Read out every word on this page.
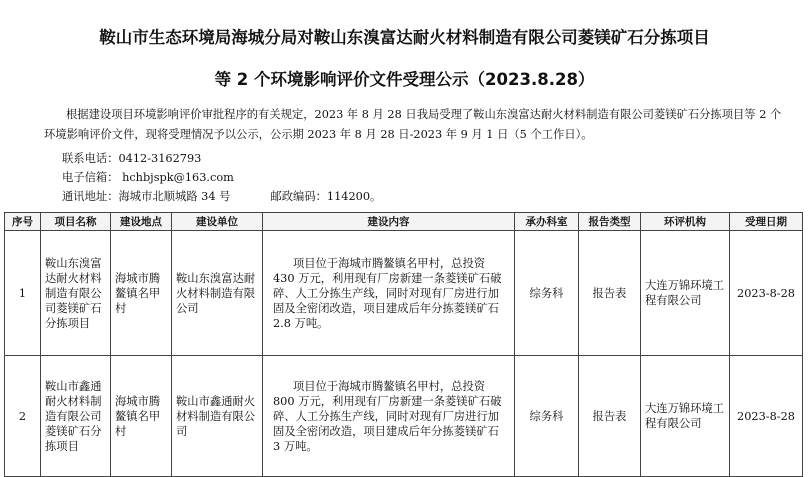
鞍山市生态环境局海城分局对鞍山东溴富达耐火材料制造有限公司菱镁矿石分拣项目
等 2 个环境影响评价文件受理公示（2023.8.28）
根据建设项目环境影响评价审批程序的有关规定，2023 年 8 月 28 日我局受理了鞍山东溴富达耐火材料制造有限公司菱镁矿石分拣项目等 2 个环境影响评价文件，现将受理情况予以公示，公示期 2023 年 8 月 28 日-2023 年 9 月 1 日（5 个工作日）。
联系电话：0412-3162793
电子信箱： hchbjspk@163.com
通讯地址：海城市北顺城路 34 号	邮政编码：114200。
序号	项目名称	建设地点	建设单位	建设内容	承办科室	报告类型	环评机构	受理日期
1	鞍山东溴富达耐火材料制造有限公司菱镁矿石分拣项目	海城市腾鳌镇名甲村	鞍山东溴富达耐火材料制造有限公司	项目位于海城市腾鳌镇名甲村，总投资 430 万元，利用现有厂房新建一条菱镁矿石破碎、人工分拣生产线，同时对现有厂房进行加固及全密闭改造，项目建成后年分拣菱镁矿石 2.8 万吨。	综务科	报告表	大连万锦环境工程有限公司	2023-8-28
2	鞍山市鑫通耐火材料制造有限公司菱镁矿石分拣项目	海城市腾鳌镇名甲村	鞍山市鑫通耐火材料制造有限公司	项目位于海城市腾鳌镇名甲村，总投资 800 万元，利用现有厂房新建一条菱镁矿石破碎、人工分拣生产线，同时对现有厂房进行加固及全密闭改造，项目建成后年分拣菱镁矿石 3 万吨。	综务科	报告表	大连万锦环境工程有限公司	2023-8-28
